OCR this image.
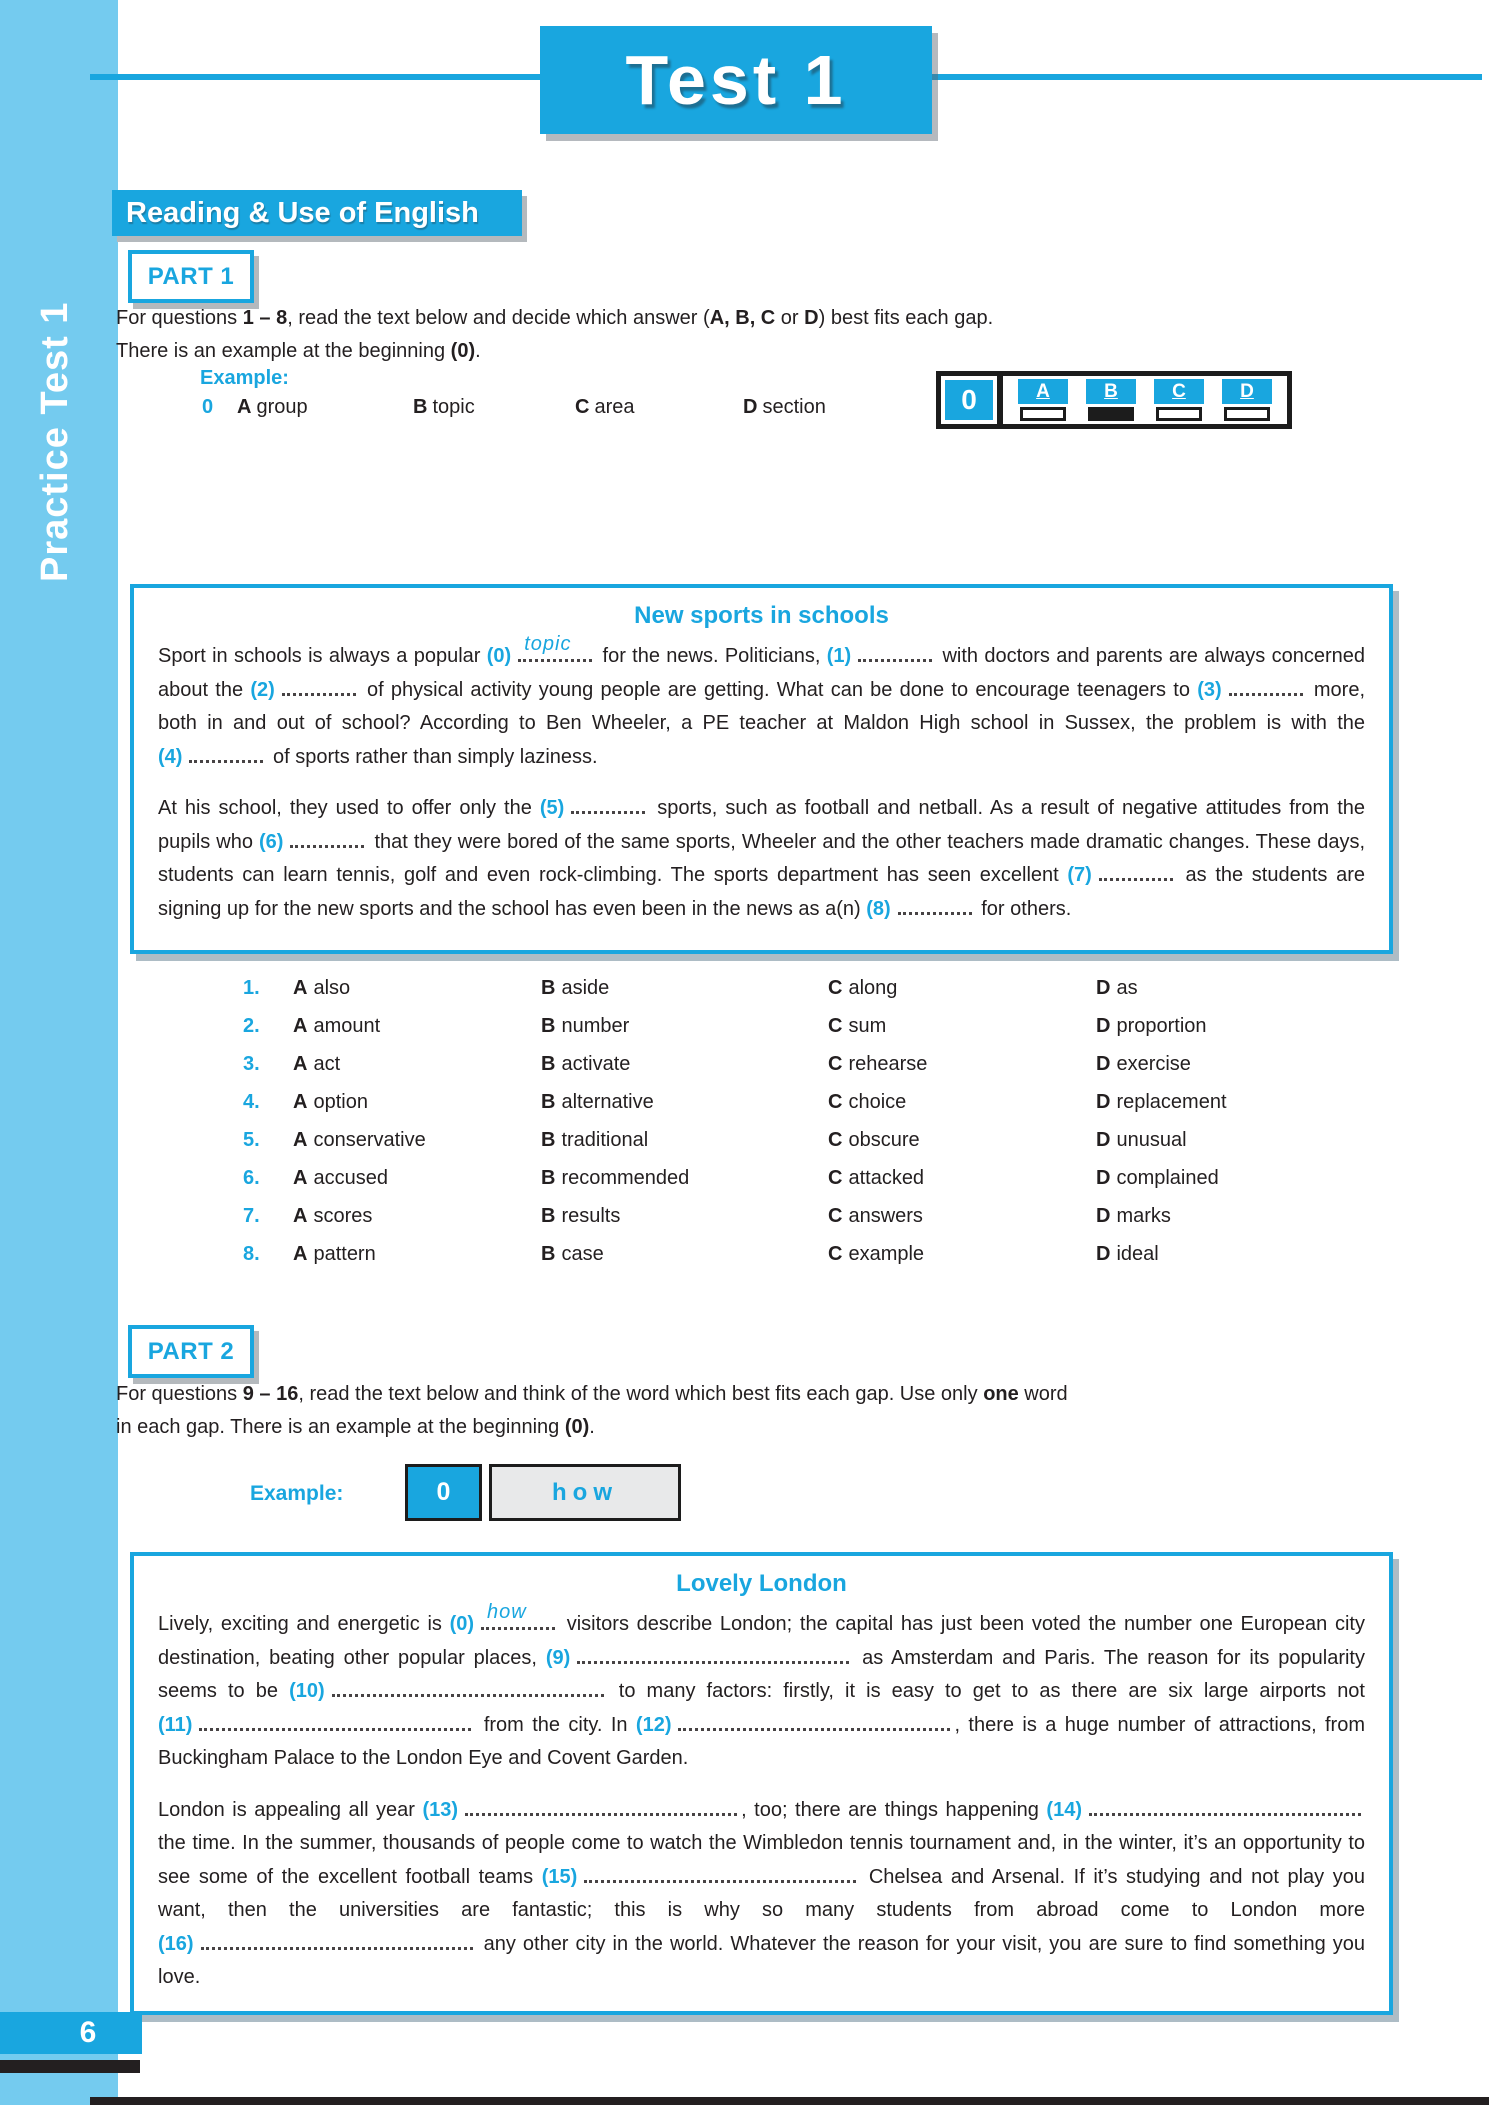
Practice Test 1
Test 1
Reading & Use of English
PART 1
For questions 1 – 8, read the text below and decide which answer (A, B, C or D) best fits each gap.
There is an example at the beginning (0).
Example:
0 A group	B topic	C area	D section	0	A	B	C	D
New sports in schools

Sport in schools is always a popular (0)
topic
for the news. Politicians, (1)	with doctors and parents are always concerned about the (2)	of physical activity young people are getting. What can be done to encourage teenagers to (3)	more, both in and out of school? According to Ben Wheeler, a PE teacher at Maldon High school in Sussex, the problem is with the (4)	of sports rather than simply laziness.

At his school, they used to offer only the (5)	sports, such as football and netball. As a result of negative attitudes from the pupils who (6)	that they were bored of the same sports, Wheeler and the other teachers made dramatic changes. These days, students can learn tennis, golf and even rock-climbing. The sports department has seen excellent (7)	as the students are signing up for the new sports and the school has even been in the news as a(n) (8)	for others.

1.	A also	B aside	C along	D as
2.	A amount	B number	C sum	D proportion
3.	A act	B activate	C rehearse	D exercise
4.	A option	B alternative	C choice	D replacement
5.	A conservative	B traditional	C obscure	D unusual
6.	A accused	B recommended	C attacked	D complained
7.	A scores	B results	C answers	D marks
8.	A pattern	B case	C example	D ideal
PART 2
For questions 9 – 16, read the text below and think of the word which best fits each gap. Use only one word
in each gap. There is an example at the beginning (0).
Example:	0	how
Lovely London

Lively, exciting and energetic is (0)
how
visitors describe London; the capital has just been voted the number one European city destination, beating other popular places, (9)	as Amsterdam and Paris. The reason for its popularity seems to be (10)	to many factors: firstly, it is easy to get to as there are six large airports not (11)	from the city. In (12)	, there is a huge number of attractions, from Buckingham Palace to the London Eye and Covent Garden.

London is appealing all year (13)	, too; there are things happening (14) the time. In the summer, thousands of people come to watch the Wimbledon tennis tournament and, in the winter, it’s an opportunity to see some of the excellent football teams (15)	Chelsea and Arsenal. If it’s studying and not play you want, then the universities are fantastic; this is why so many students from abroad come to London more (16)	any other city in the world. Whatever the reason for your visit, you are sure to find something you love.

6
